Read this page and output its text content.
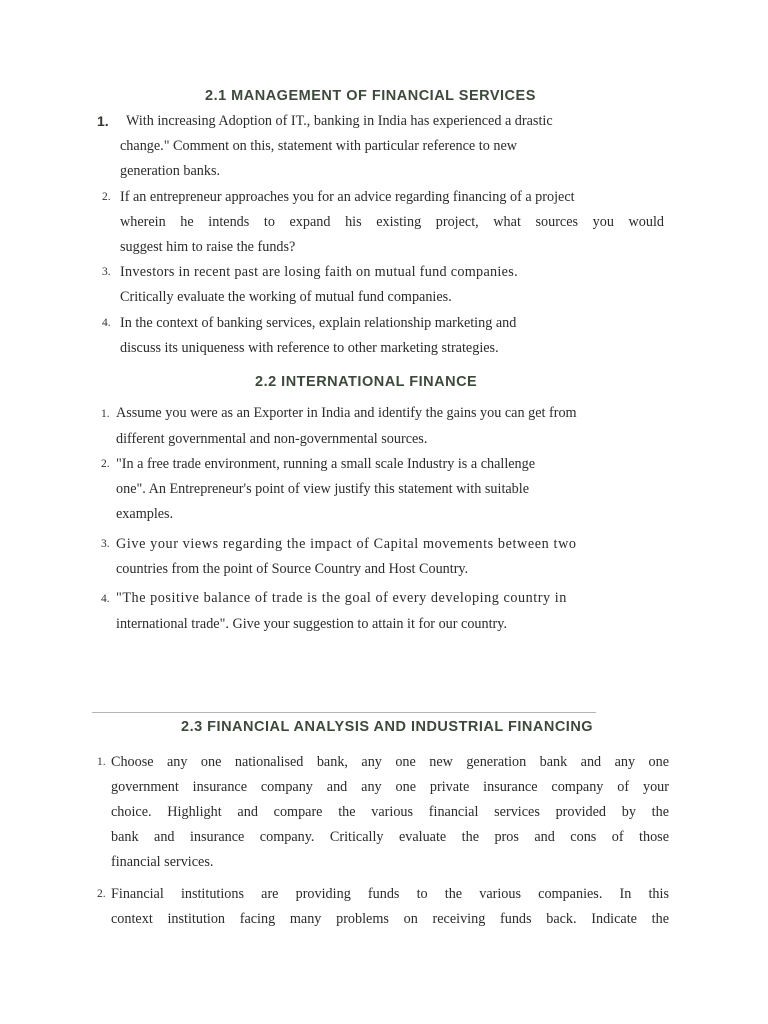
2.1 MANAGEMENT OF FINANCIAL SERVICES
1. With increasing Adoption of IT., banking in India has experienced a drastic

change." Comment on this, statement with particular reference to new

generation banks.

2. If an entrepreneur approaches you for an advice regarding financing of a project

wherein he intends to expand his existing project, what sources you would

suggest him to raise the funds?

3. Investors in recent past are losing faith on mutual fund companies.

Critically evaluate the working of mutual fund companies.

4. In the context of banking services, explain relationship marketing and

discuss its uniqueness with reference to other marketing strategies.

2.2 INTERNATIONAL FINANCE
1. Assume you were as an Exporter in India and identify the gains you can get from

different governmental and non-governmental sources.

2. "In a free trade environment, running a small scale Industry is a challenge

one". An Entrepreneur's point of view justify this statement with suitable

examples.

3. Give your views regarding the impact of Capital movements between two

countries from the point of Source Country and Host Country.

4. "The positive balance of trade is the goal of every developing country in

international trade". Give your suggestion to attain it for our country.

2.3 FINANCIAL ANALYSIS AND INDUSTRIAL FINANCING
1. Choose any one nationalised bank, any one new generation bank and any one

government insurance company and any one private insurance company of your

choice. Highlight and compare the various financial services provided by the

bank and insurance company. Critically evaluate the pros and cons of those

financial services.

2. Financial institutions are providing funds to the various companies. In this

context institution facing many problems on receiving funds back. Indicate the
